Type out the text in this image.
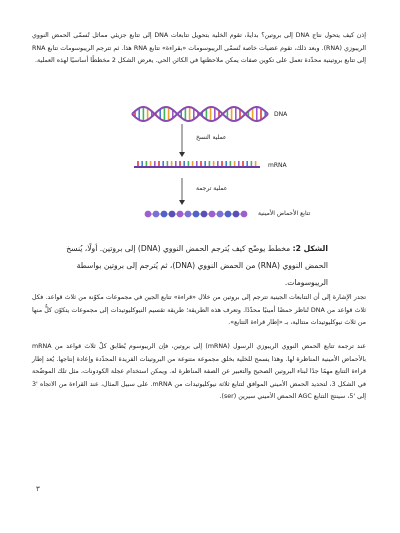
إذن كيف يتحول نتاج DNA إلى بروتين؟ بدايةً، تقوم الخلية بتحويل تتابعات DNA إلى تتابع جزيئي مماثل تُسمّى الحمض النووي الريبوزي (RNA). وبعد ذلك، تقوم عضيات خاصة تُسمّى الريبوسومات «بقراءة» تتابع RNA هذا. ثم تترجم الريبوسومات تتابع RNA إلى تتابع بروتينية محدّدة تعمل على تكوين صفات يمكن ملاحظتها في الكائن الحي. يعرض الشكل 2 مخططًا أساسيًا لهذه العملية.

DNA
عملية النسخ
mRNA
عملية ترجمة
تتابع الأحماض الأمينية

الشكل 2: مخطط يوضّح كيف يُترجم الحمض النووي (DNA) إلى بروتين. أولًا، يُنسخ الحمض النووي (RNA) من الحمض النووي (DNA)، ثم يُترجم إلى بروتين بواسطة الريبوسومات.

تجدر الإشارة إلى أن التتابعات الجينية تترجم إلى بروتين من خلال «قراءة» تتابع الجين في مجموعات مكوّنة من ثلاث قواعد. فكل ثلاث قواعد من DNA تُناظر حمضًا أمينيًا محدّدًا. وتعرف هذه الطريقة؛ طريقة تقسيم النيوكليوتيدات إلى مجموعات يتكوّن كلٌّ منها من ثلاث نيوكليوتيدات متتالية، بـ «إطار قراءة التتابع».

عند ترجمة تتابع الحمض النووي الريبوزي الرسول (mRNA) إلى بروتين، فإن الريبوسوم يُطابق كلّ ثلاث قواعد من mRNA بالأحماض الأمينية المناظرة لها. وهذا يسمح للخلية بخلق مجموعة متنوعة من البروتينات الفريدة المحدّدة وإعادة إنتاجها. يُعد إطار قراءة التتابع مهمًا جدًا لبناء البروتين الصحيح والتعبير عن الصفة المناظرة له. ويمكن استخدام عجلة الكودونات، مثل تلك الموضّحة في الشكل 3، لتحديد الحمض الأميني الموافق لتتابع ثلاثة نيوكليوتيدات من mRNA. على سبيل المثال، عند القراءة من الاتجاه '3 إلى '5، سينتج التتابع AGC الحمض الأميني سيرين (ser).

٣
